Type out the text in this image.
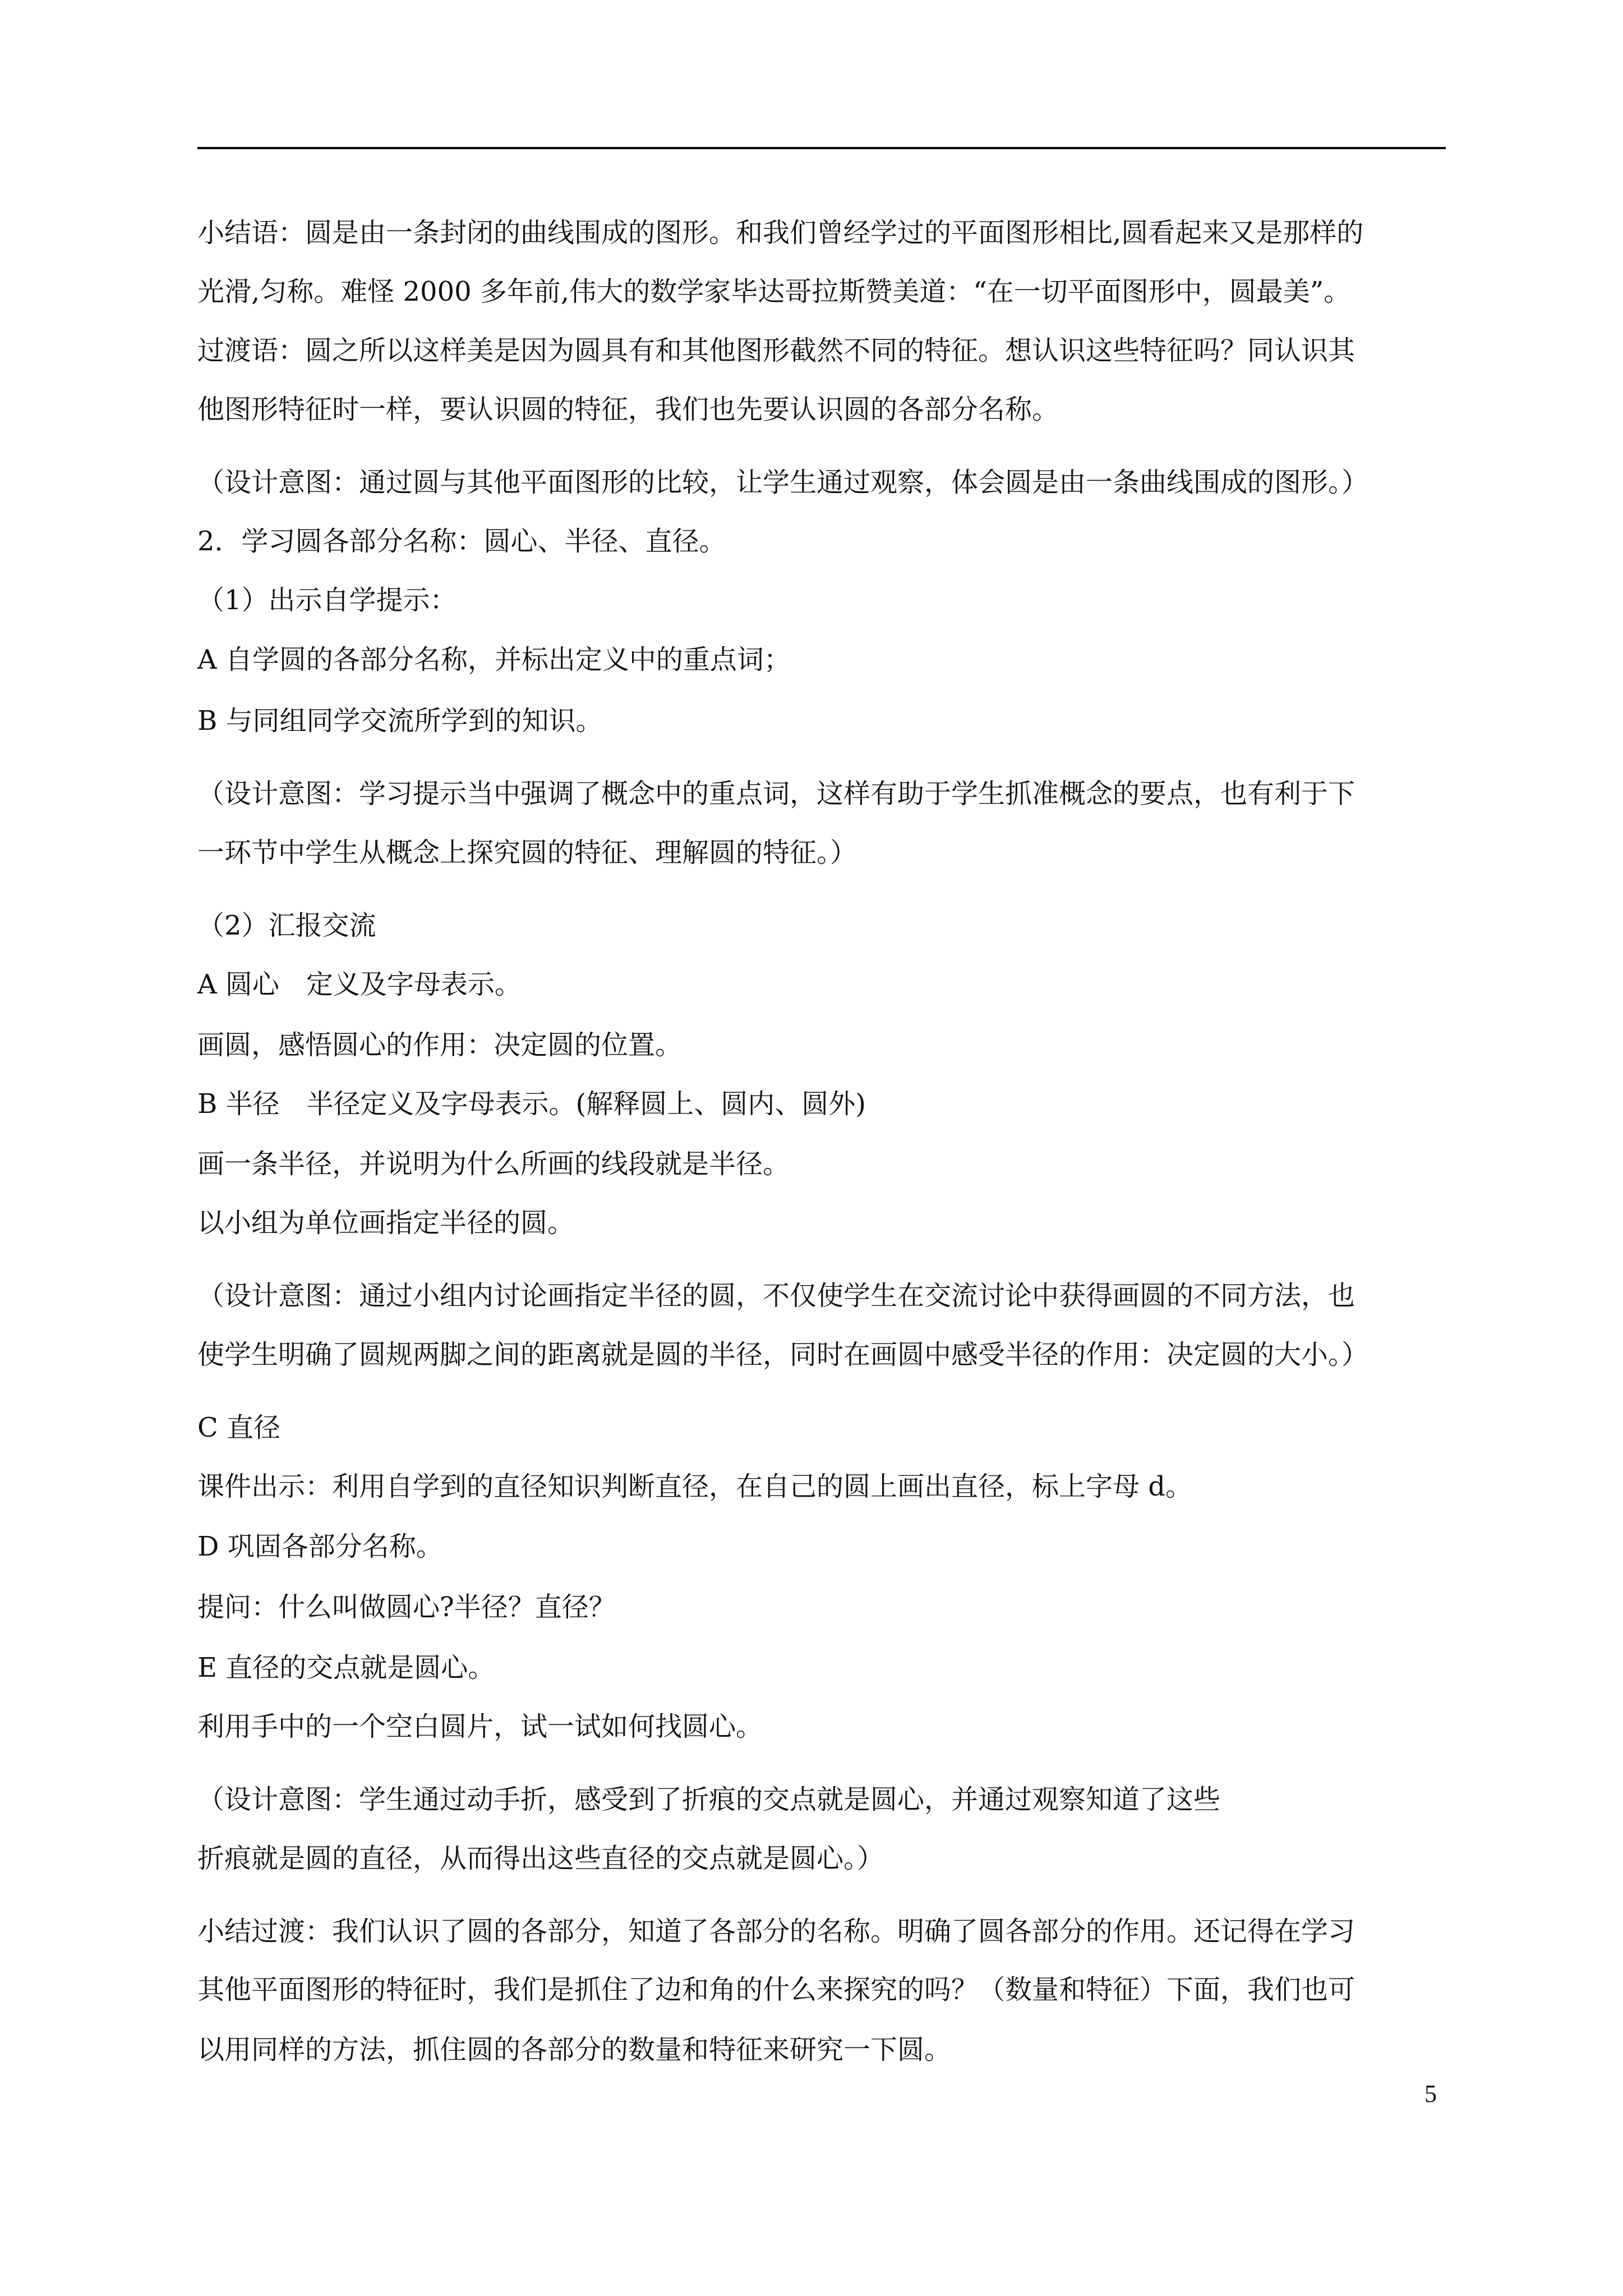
小结语：圆是由一条封闭的曲线围成的图形。和我们曾经学过的平面图形相比,圆看起来又是那样的
光滑,匀称。难怪 2000 多年前,伟大的数学家毕达哥拉斯赞美道：“在一切平面图形中，圆最美”。
过渡语：圆之所以这样美是因为圆具有和其他图形截然不同的特征。想认识这些特征吗？同认识其
他图形特征时一样，要认识圆的特征，我们也先要认识圆的各部分名称。
（设计意图：通过圆与其他平面图形的比较，让学生通过观察，体会圆是由一条曲线围成的图形。）
2．学习圆各部分名称：圆心、半径、直径。
（1）出示自学提示：
A 自学圆的各部分名称，并标出定义中的重点词；
B 与同组同学交流所学到的知识。
（设计意图：学习提示当中强调了概念中的重点词，这样有助于学生抓准概念的要点，也有利于下
一环节中学生从概念上探究圆的特征、理解圆的特征。）
（2）汇报交流
A 圆心　定义及字母表示。
画圆，感悟圆心的作用：决定圆的位置。
B 半径　半径定义及字母表示。(解释圆上、圆内、圆外)
画一条半径，并说明为什么所画的线段就是半径。
以小组为单位画指定半径的圆。
（设计意图：通过小组内讨论画指定半径的圆，不仅使学生在交流讨论中获得画圆的不同方法，也
使学生明确了圆规两脚之间的距离就是圆的半径，同时在画圆中感受半径的作用：决定圆的大小。）
C 直径
课件出示：利用自学到的直径知识判断直径，在自己的圆上画出直径，标上字母 d。
D 巩固各部分名称。
提问：什么叫做圆心?半径？直径？
E 直径的交点就是圆心。
利用手中的一个空白圆片，试一试如何找圆心。
（设计意图：学生通过动手折，感受到了折痕的交点就是圆心，并通过观察知道了这些
折痕就是圆的直径，从而得出这些直径的交点就是圆心。）
小结过渡：我们认识了圆的各部分，知道了各部分的名称。明确了圆各部分的作用。还记得在学习
其他平面图形的特征时，我们是抓住了边和角的什么来探究的吗？（数量和特征）下面，我们也可
以用同样的方法，抓住圆的各部分的数量和特征来研究一下圆。
5
